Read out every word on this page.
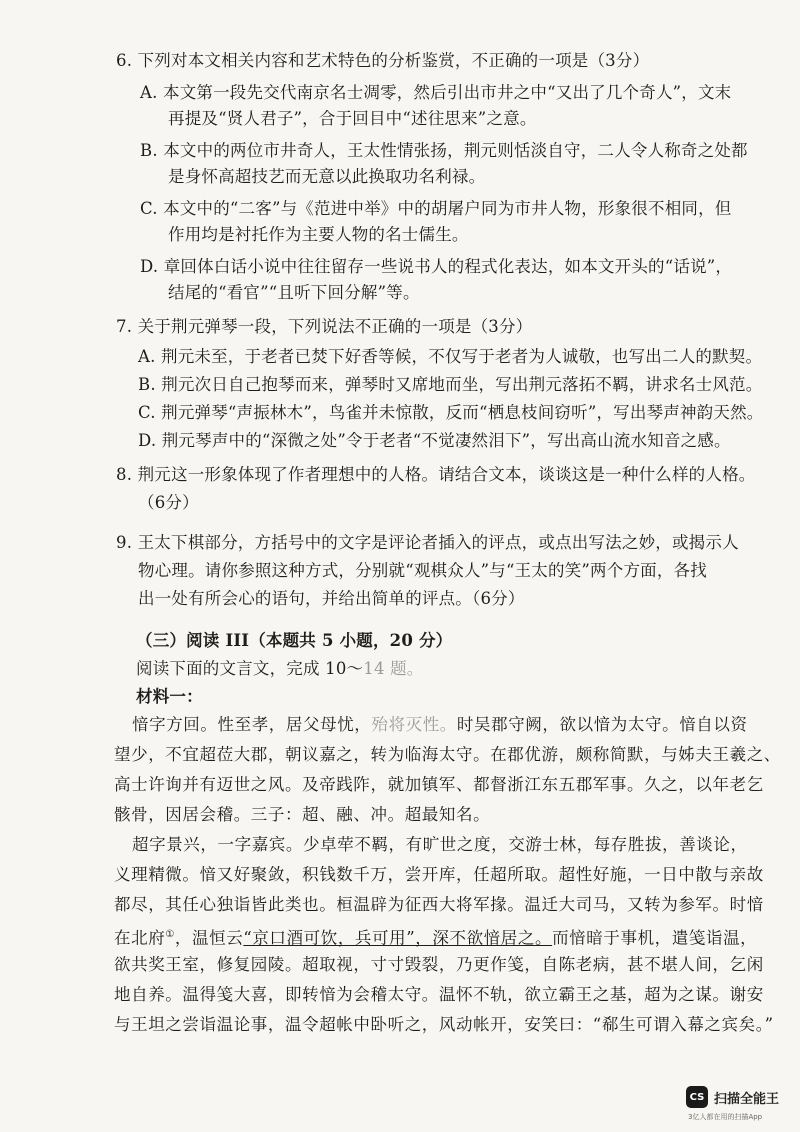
6. 下列对本文相关内容和艺术特色的分析鉴赏，不正确的一项是（3分）
A. 本文第一段先交代南京名士凋零，然后引出市井之中“又出了几个奇人”，文末
再提及“贤人君子”，合于回目中“述往思来”之意。
B. 本文中的两位市井奇人，王太性情张扬，荆元则恬淡自守，二人令人称奇之处都
是身怀高超技艺而无意以此换取功名利禄。
C. 本文中的“二客”与《范进中举》中的胡屠户同为市井人物，形象很不相同，但
作用均是衬托作为主要人物的名士儒生。
D. 章回体白话小说中往往留存一些说书人的程式化表达，如本文开头的“话说”，
结尾的“看官”“且听下回分解”等。
7. 关于荆元弹琴一段，下列说法不正确的一项是（3分）
A. 荆元未至，于老者已焚下好香等候，不仅写于老者为人诚敬，也写出二人的默契。
B. 荆元次日自己抱琴而来，弹琴时又席地而坐，写出荆元落拓不羁，讲求名士风范。
C. 荆元弹琴“声振林木”，鸟雀并未惊散，反而“栖息枝间窃听”，写出琴声神韵天然。
D. 荆元琴声中的“深微之处”令于老者“不觉凄然泪下”，写出高山流水知音之感。
8. 荆元这一形象体现了作者理想中的人格。请结合文本，谈谈这是一种什么样的人格。
（6分）
9. 王太下棋部分，方括号中的文字是评论者插入的评点，或点出写法之妙，或揭示人
物心理。请你参照这种方式，分别就“观棋众人”与“王太的笑”两个方面，各找
出一处有所会心的语句，并给出简单的评点。（6分）
（三）阅读 III（本题共 5 小题，20 分）
阅读下面的文言文，完成 10～14 题。
材料一：
愔字方回。性至孝，居父母忧，殆将灭性。时吴郡守阙，欲以愔为太守。愔自以资
望少，不宜超莅大郡，朝议嘉之，转为临海太守。在郡优游，颇称简默，与姊夫王羲之、
高士许询并有迈世之风。及帝践阼，就加镇军、都督浙江东五郡军事。久之，以年老乞
骸骨，因居会稽。三子：超、融、冲。超最知名。
超字景兴，一字嘉宾。少卓荦不羁，有旷世之度，交游士林，每存胜拔，善谈论，
义理精微。愔又好聚敛，积钱数千万，尝开库，任超所取。超性好施，一日中散与亲故
都尽，其任心独诣皆此类也。桓温辟为征西大将军掾。温迁大司马，又转为参军。时愔
在北府①，温恒云“京口酒可饮，兵可用”，深不欲愔居之。而愔暗于事机，遣笺诣温，
欲共奖王室，修复园陵。超取视，寸寸毁裂，乃更作笺，自陈老病，甚不堪人间，乞闲
地自养。温得笺大喜，即转愔为会稽太守。温怀不轨，欲立霸王之基，超为之谋。谢安
与王坦之尝诣温论事，温令超帐中卧听之，风动帐开，安笑曰：“郗生可谓入幕之宾矣。”
CS 扫描全能王
3亿人都在用的扫描App
